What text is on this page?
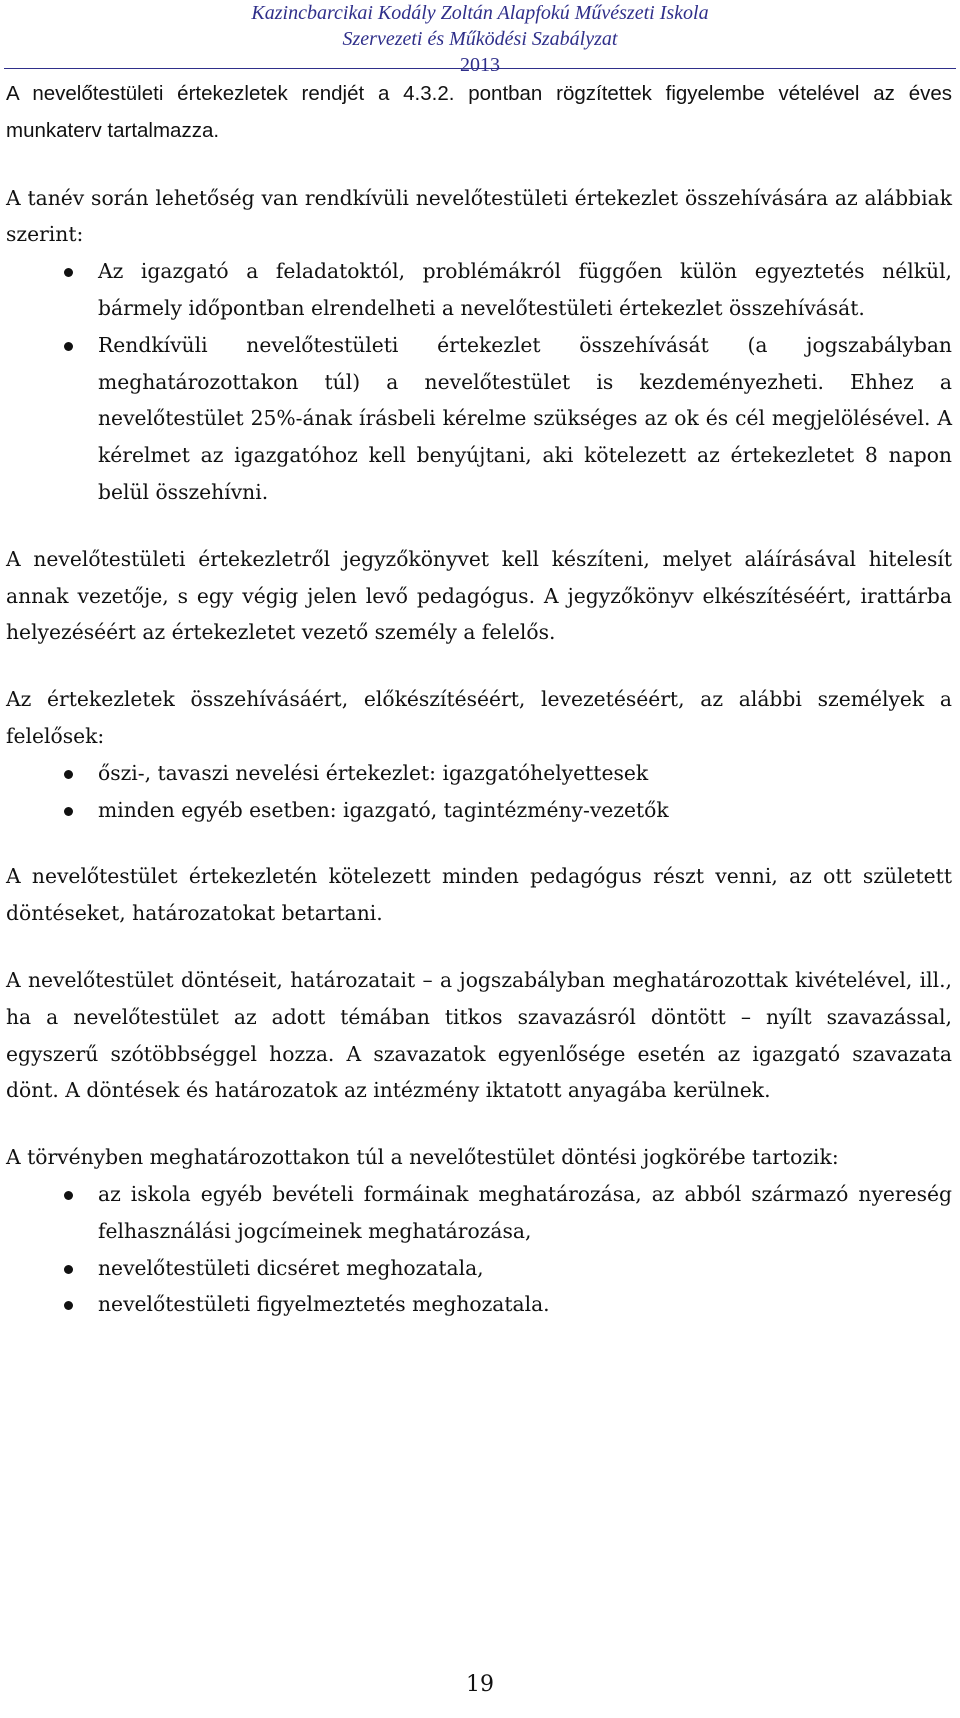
Kazincbarcikai Kodály Zoltán Alapfokú Művészeti Iskola
Szervezeti és Működési Szabályzat
2013

A nevelőtestületi értekezletek rendjét a 4.3.2. pontban rögzítettek figyelembe vételével az éves munkaterv tartalmazza.

A tanév során lehetőség van rendkívüli nevelőtestületi értekezlet összehívására az alábbiak szerint:

Az igazgató a feladatoktól, problémákról függően külön egyeztetés nélkül, bármely időpontban elrendelheti a nevelőtestületi értekezlet összehívását.
Rendkívüli nevelőtestületi értekezlet összehívását (a jogszabályban meghatározottakon túl) a nevelőtestület is kezdeményezheti. Ehhez a nevelőtestület 25%-ának írásbeli kérelme szükséges az ok és cél megjelölésével. A kérelmet az igazgatóhoz kell benyújtani, aki kötelezett az értekezletet 8 napon belül összehívni.

A nevelőtestületi értekezletről jegyzőkönyvet kell készíteni, melyet aláírásával hitelesít annak vezetője, s egy végig jelen levő pedagógus. A jegyzőkönyv elkészítéséért, irattárba helyezéséért az értekezletet vezető személy a felelős.

Az értekezletek összehívásáért, előkészítéséért, levezetéséért, az alábbi személyek a felelősek:

őszi-, tavaszi nevelési értekezlet: igazgatóhelyettesek
minden egyéb esetben: igazgató, tagintézmény-vezetők

A nevelőtestület értekezletén kötelezett minden pedagógus részt venni, az ott született döntéseket, határozatokat betartani.

A nevelőtestület döntéseit, határozatait – a jogszabályban meghatározottak kivételével, ill., ha a nevelőtestület az adott témában titkos szavazásról döntött – nyílt szavazással, egyszerű szótöbbséggel hozza. A szavazatok egyenlősége esetén az igazgató szavazata dönt. A döntések és határozatok az intézmény iktatott anyagába kerülnek.

A törvényben meghatározottakon túl a nevelőtestület döntési jogkörébe tartozik:

az iskola egyéb bevételi formáinak meghatározása, az abból származó nyereség felhasználási jogcímeinek meghatározása,
nevelőtestületi dicséret meghozatala,
nevelőtestületi figyelmeztetés meghozatala.
19
